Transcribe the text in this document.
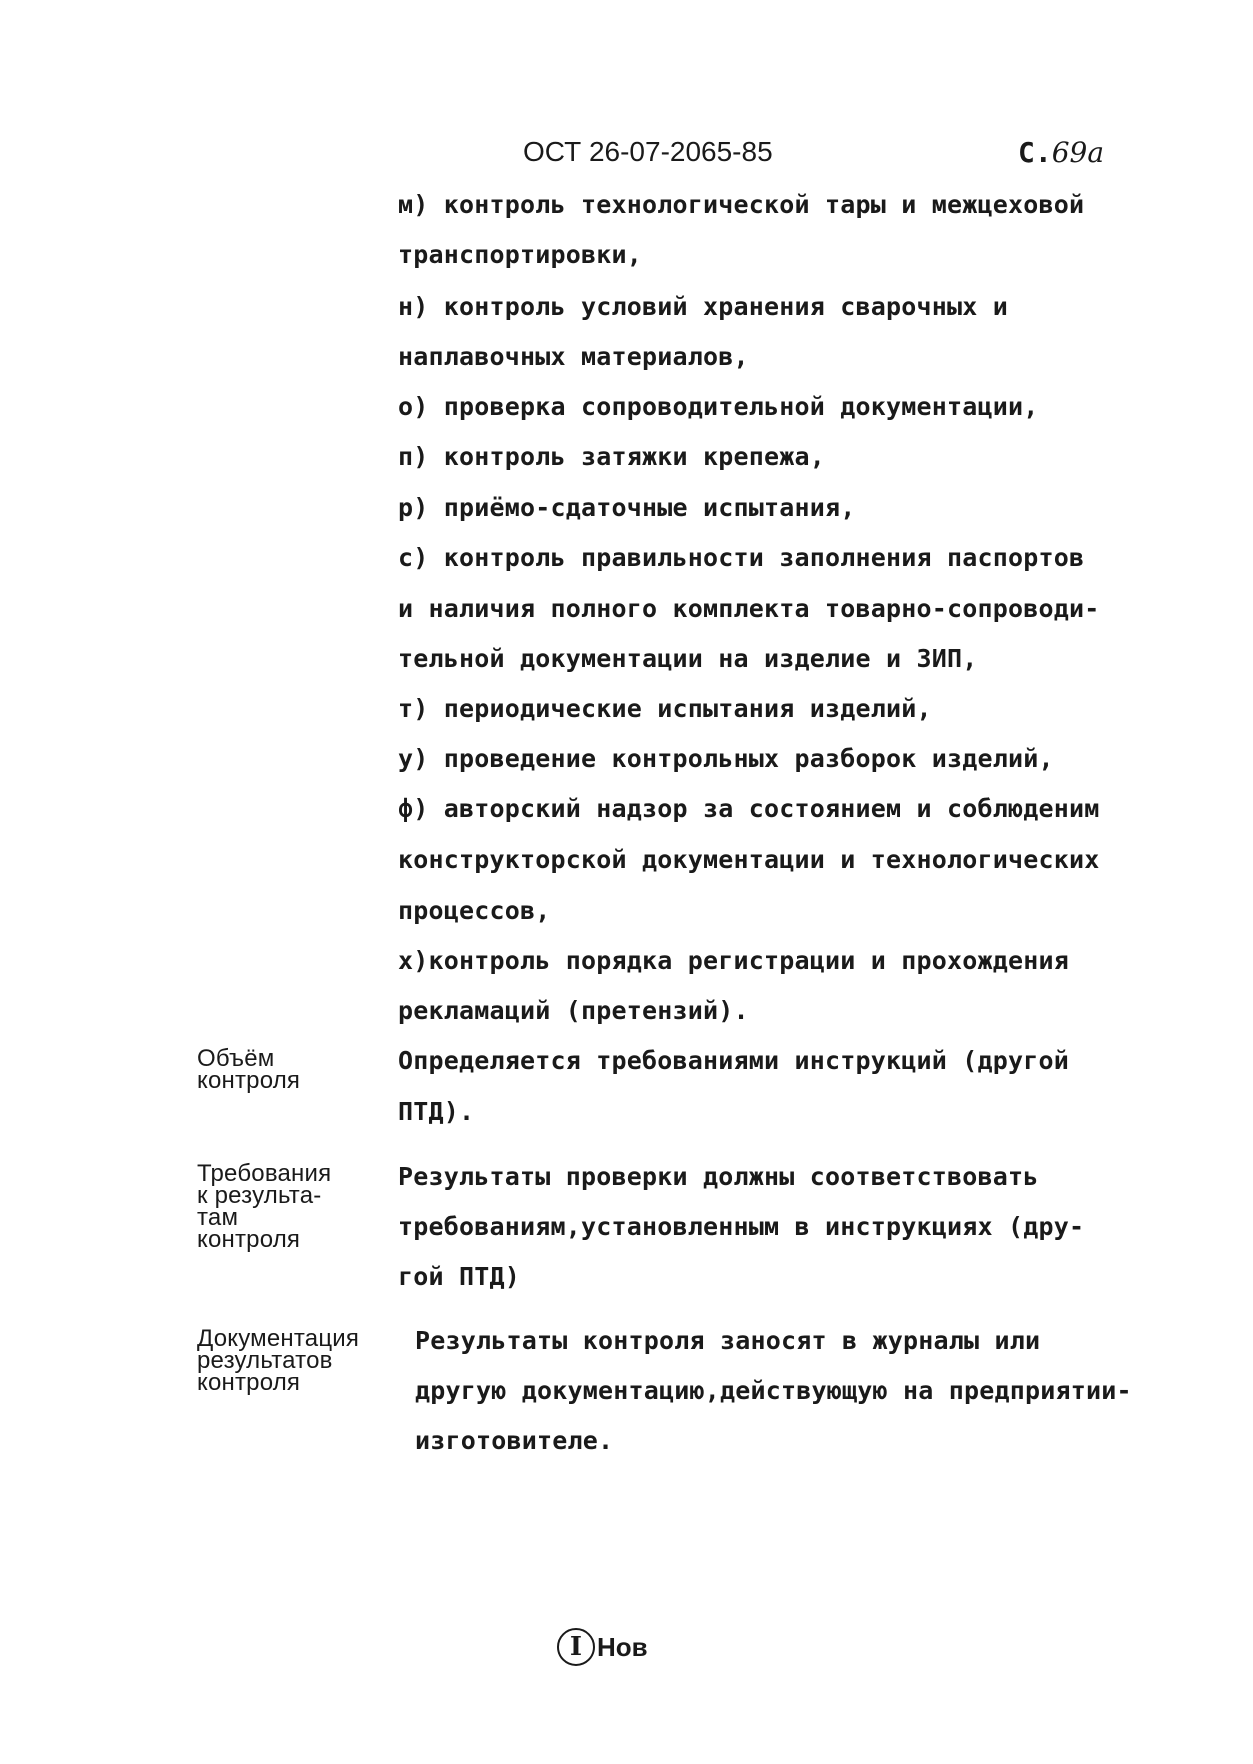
ОСТ 26-07-2065-85	С.69а
м) контроль технологической тары и межцеховой
транспортировки,
н) контроль условий хранения сварочных и
наплавочных материалов,
о) проверка сопроводительной документации,
п) контроль затяжки крепежа,
р) приёмо-сдаточные испытания,
с) контроль правильности заполнения паспортов
и наличия полного комплекта товарно-сопроводи-
тельной документации на изделие и ЗИП,
т) периодические испытания изделий,
у) проведение контрольных разборок изделий,
ф) авторский надзор за состоянием и соблюденим
конструкторской документации и технологических
процессов,
х)контроль порядка регистрации и прохождения
рекламаций (претензий).
Объём
контроля
Определяется требованиями инструкций (другой
ПТД).
Требования
к результа-
там
контроля
Результаты проверки должны соответствовать
требованиям,установленным в инструкциях (дру-
гой ПТД)
Документация
результатов
контроля
Результаты контроля заносят в журналы или
другую документацию,действующую на предприятии-
изготовителе.
I Нов
